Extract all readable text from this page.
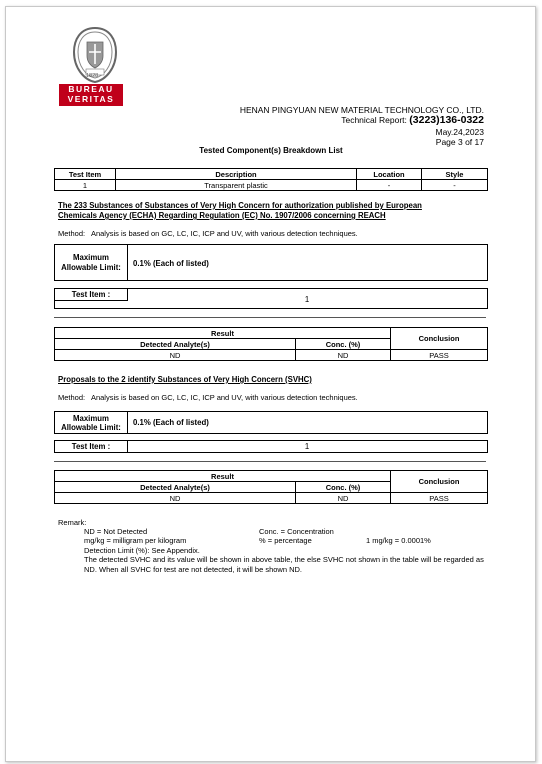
1828
BUREAU
VERITAS
HENAN PINGYUAN NEW MATERIAL TECHNOLOGY CO., LTD.
Technical Report: (3223)136-0322
May.24,2023
Page 3 of 17
Tested Component(s) Breakdown List
Test Item	Description	Location	Style
1	Transparent plastic	-	-
The 233 Substances of Substances of Very High Concern for authorization published by European
Chemicals Agency (ECHA) Regarding Regulation (EC) No. 1907/2006 concerning REACH
Method: Analysis is based on GC, LC, IC, ICP and UV, with various detection techniques.
Maximum Allowable Limit:	0.1% (Each of listed)
Test Item :
1
Result		Conclusion
Detected Analyte(s)	Conc. (%)	
ND	ND	PASS
Proposals to the 2 identify Substances of Very High Concern (SVHC)
Method: Analysis is based on GC, LC, IC, ICP and UV, with various detection techniques.
Maximum Allowable Limit:	0.1% (Each of listed)
Test Item :	1
Result		Conclusion
Detected Analyte(s)	Conc. (%)	
ND	ND	PASS
Remark:
ND = Not Detected	Conc. = Concentration
mg/kg = milligram per kilogram	% = percentage	1 mg/kg = 0.0001%
Detection Limit (%): See Appendix.
The detected SVHC and its value will be shown in above table, the else SVHC not shown in the table will be regarded as ND. When all SVHC for test are not detected, it will be shown ND.
